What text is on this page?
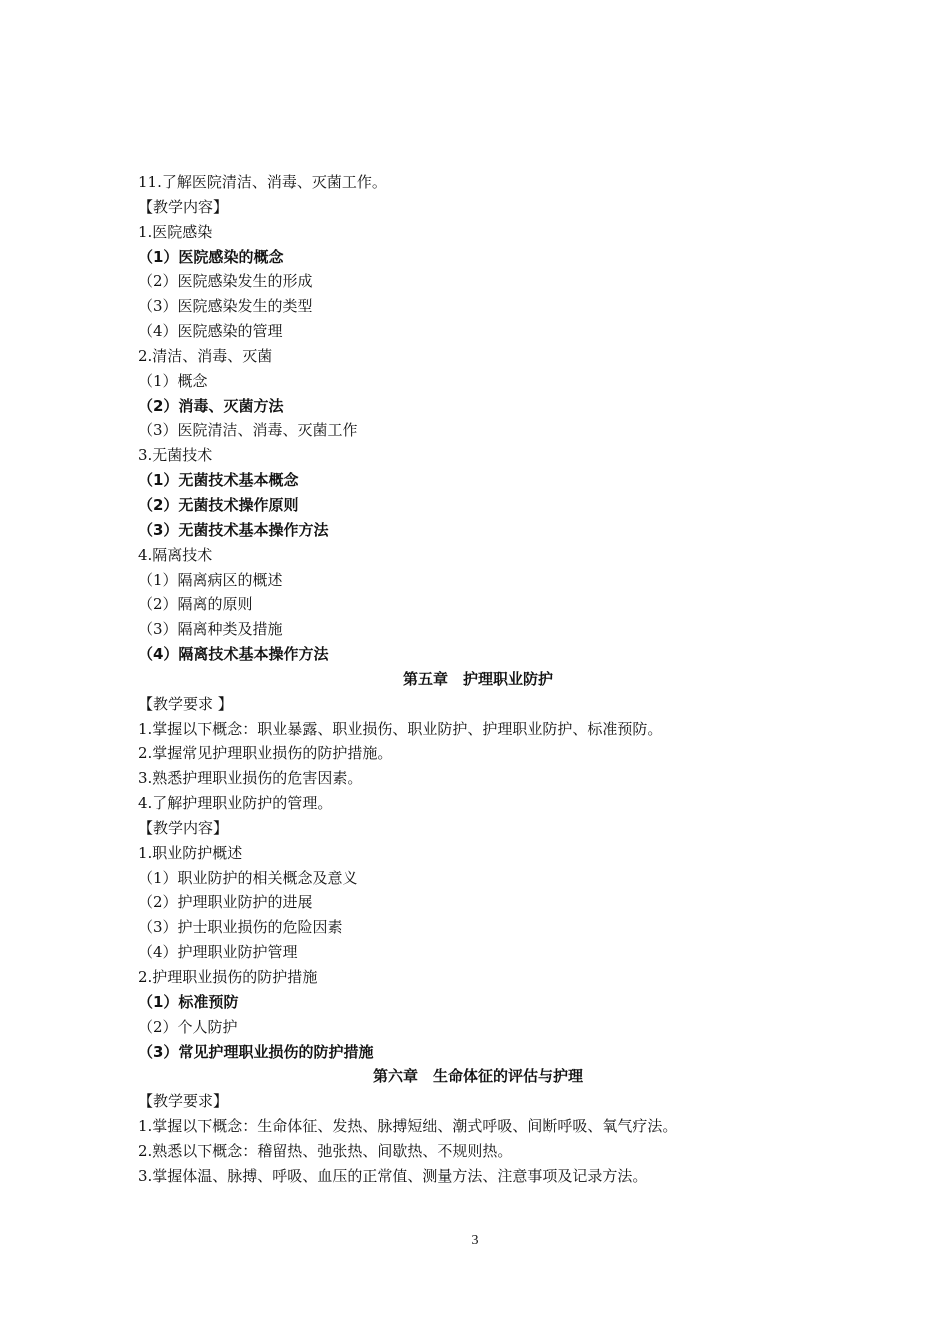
11.了解医院清洁、消毒、灭菌工作。
【教学内容】
1.医院感染
（1）医院感染的概念
（2）医院感染发生的形成
（3）医院感染发生的类型
（4）医院感染的管理
2.清洁、消毒、灭菌
（1）概念
（2）消毒、灭菌方法
（3）医院清洁、消毒、灭菌工作
3.无菌技术
（1）无菌技术基本概念
（2）无菌技术操作原则
（3）无菌技术基本操作方法
4.隔离技术
（1）隔离病区的概述
（2）隔离的原则
（3）隔离种类及措施
（4）隔离技术基本操作方法
第五章　护理职业防护
【教学要求 】
1.掌握以下概念：职业暴露、职业损伤、职业防护、护理职业防护、标准预防。
2.掌握常见护理职业损伤的防护措施。
3.熟悉护理职业损伤的危害因素。
4.了解护理职业防护的管理。
【教学内容】
1.职业防护概述
（1）职业防护的相关概念及意义
（2）护理职业防护的进展
（3）护士职业损伤的危险因素
（4）护理职业防护管理
2.护理职业损伤的防护措施
（1）标准预防
（2）个人防护
（3）常见护理职业损伤的防护措施
第六章　生命体征的评估与护理
【教学要求】
1.掌握以下概念：生命体征、发热、脉搏短绌、潮式呼吸、间断呼吸、氧气疗法。
2.熟悉以下概念：稽留热、弛张热、间歇热、不规则热。
3.掌握体温、脉搏、呼吸、血压的正常值、测量方法、注意事项及记录方法。
3
